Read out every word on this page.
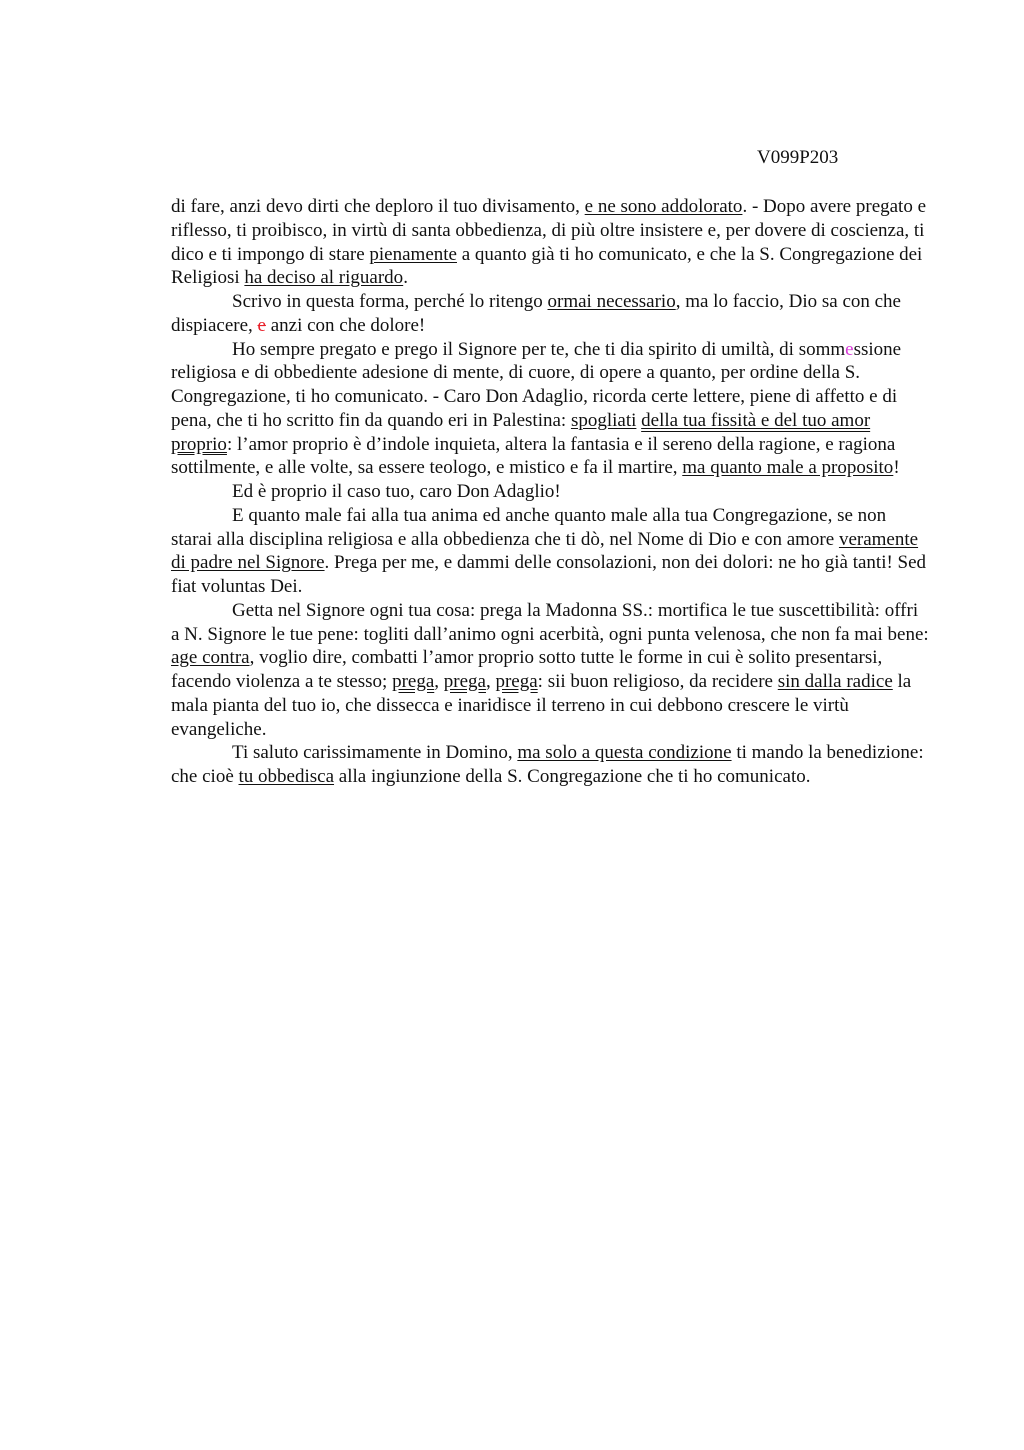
V099P203

di fare, anzi devo dirti che deploro il tuo divisamento, e ne sono addolorato. - Dopo avere pregato e riflesso, ti proibisco, in virtù di santa obbedienza, di più oltre insistere e, per dovere di coscienza, ti dico e ti impongo di stare pienamente a quanto già ti ho comunicato, e che la S. Congregazione dei Religiosi ha deciso al riguardo.

Scrivo in questa forma, perché lo ritengo ormai necessario, ma lo faccio, Dio sa con che dispiacere, e anzi con che dolore!

Ho sempre pregato e prego il Signore per te, che ti dia spirito di umiltà, di sommessione religiosa e di obbediente adesione di mente, di cuore, di opere a quanto, per ordine della S. Congregazione, ti ho comunicato. - Caro Don Adaglio, ricorda certe lettere, piene di affetto e di pena, che ti ho scritto fin da quando eri in Palestina: spogliati della tua fissità e del tuo amor proprio: l’amor proprio è d’indole inquieta, altera la fantasia e il sereno della ragione, e ragiona sottilmente, e alle volte, sa essere teologo, e mistico e fa il martire, ma quanto male a proposito!

Ed è proprio il caso tuo, caro Don Adaglio!

E quanto male fai alla tua anima ed anche quanto male alla tua Congregazione, se non starai alla disciplina religiosa e alla obbedienza che ti dò, nel Nome di Dio e con amore veramente di padre nel Signore. Prega per me, e dammi delle consolazioni, non dei dolori: ne ho già tanti! Sed fiat voluntas Dei.

Getta nel Signore ogni tua cosa: prega la Madonna SS.: mortifica le tue suscettibilità: offri a N. Signore le tue pene: togliti dall’animo ogni acerbità, ogni punta velenosa, che non fa mai bene: age contra, voglio dire, combatti l’amor proprio sotto tutte le forme in cui è solito presentarsi, facendo violenza a te stesso; prega, prega, prega: sii buon religioso, da recidere sin dalla radice la mala pianta del tuo io, che dissecca e inaridisce il terreno in cui debbono crescere le virtù evangeliche.

Ti saluto carissimamente in Domino, ma solo a questa condizione ti mando la benedizione: che cioè tu obbedisca alla ingiunzione della S. Congregazione che ti ho comunicato.
